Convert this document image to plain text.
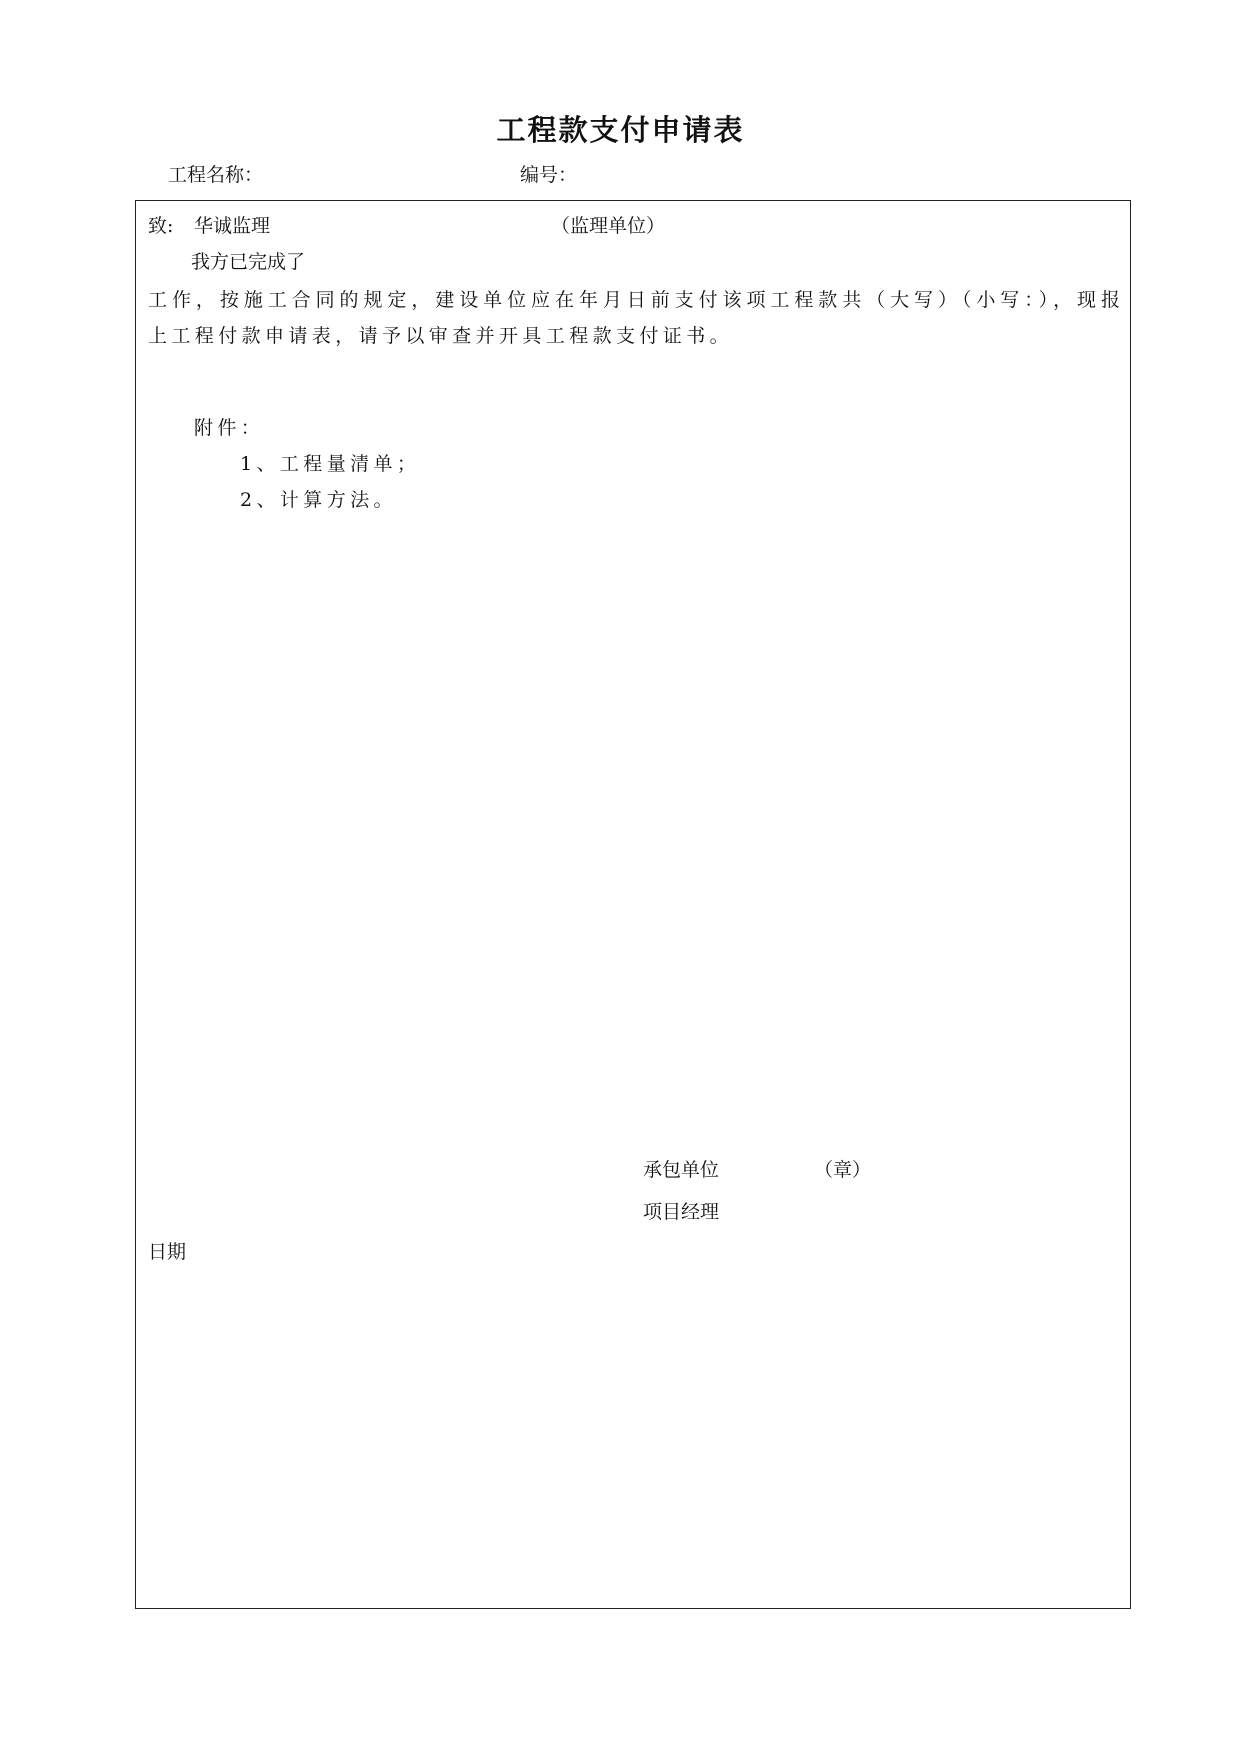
工程款支付申请表
工程名称：	编号：
致: 华诚监理	（监理单位）
我方已完成了
工作，按施工合同的规定，建设单位应在年月日前支付该项工程款共（大写）（小写：），现报
上工程付款申请表，请予以审查并开具工程款支付证书。
附件：
1、工程量清单；
2、计算方法。
承包单位	（章）
项目经理
日期
